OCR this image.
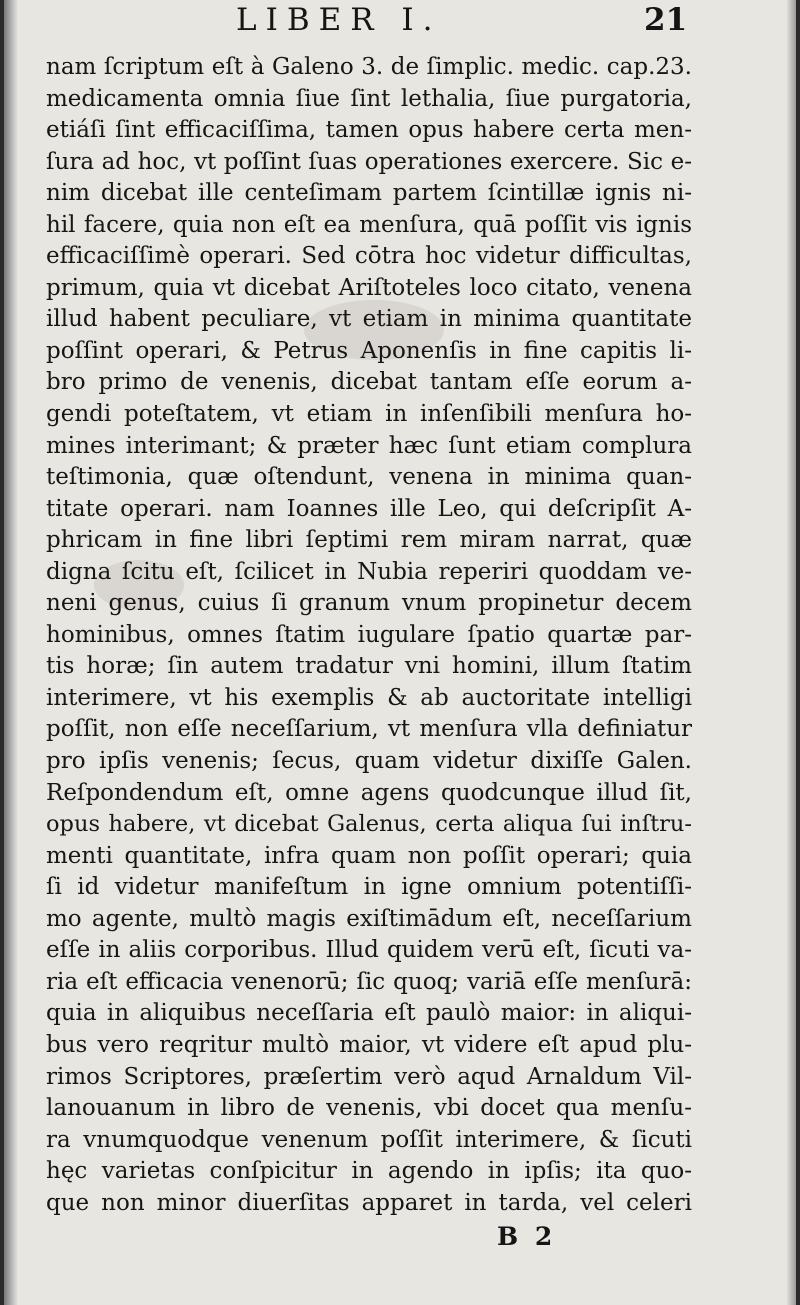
LIBER I.	21
nam ſcriptum eſt à Galeno 3. de ſimplic. medic. cap.23.
medicamenta omnia ſiue ſint lethalia, ſiue purgatoria,
etiáſi ſint efficaciſſima, tamen opus habere certa men-
ſura ad hoc, vt poſſint ſuas operationes exercere. Sic e-
nim dicebat ille centeſimam partem ſcintillæ ignis ni-
hil facere, quia non eſt ea menſura, quā poſſit vis ignis
efficaciſſimè operari. Sed cōtra hoc videtur difficultas,
primum, quia vt dicebat Ariſtoteles loco citato, venena
illud habent peculiare, vt etiam in minima quantitate
poſſint operari, & Petrus Aponenſis in fine capitis li-
bro primo de venenis, dicebat tantam eſſe eorum a-
gendi poteſtatem, vt etiam in inſenſibili menſura ho-
mines interimant; & præter hæc ſunt etiam complura
teſtimonia, quæ oſtendunt, venena in minima quan-
titate operari. nam Ioannes ille Leo, qui deſcripſit A-
phricam in fine libri ſeptimi rem miram narrat, quæ
digna ſcitu eſt, ſcilicet in Nubia reperiri quoddam ve-
neni genus, cuius ſi granum vnum propinetur decem
hominibus, omnes ſtatim iugulare ſpatio quartæ par-
tis horæ; ſin autem tradatur vni homini, illum ſtatim
interimere, vt his exemplis & ab auctoritate intelligi
poſſit, non eſſe neceſſarium, vt menſura vlla definiatur
pro ipſis venenis; ſecus, quam videtur dixiſſe Galen.
Reſpondendum eſt, omne agens quodcunque illud ſit,
opus habere, vt dicebat Galenus, certa aliqua ſui inſtru-
menti quantitate, infra quam non poſſit operari; quia
ſi id videtur manifeſtum in igne omnium potentiſſi-
mo agente, multò magis exiſtimādum eſt, neceſſarium
eſſe in aliis corporibus. Illud quidem verū eſt, ſicuti va-
ria eſt efficacia venenorū; ſic quoq; variā eſſe menſurā:
quia in aliquibus neceſſaria eſt paulò maior: in aliqui-
bus vero reqritur multò maior, vt videre eſt apud plu-
rimos Scriptores, præſertim verò aqud Arnaldum Vil-
lanouanum in libro de venenis, vbi docet qua menſu-
ra vnumquodque venenum poſſit interimere, & ſicuti
hęc varietas conſpicitur in agendo in ipſis; ita quo-
que non minor diuerſitas apparet in tarda, vel celeri
B 2
